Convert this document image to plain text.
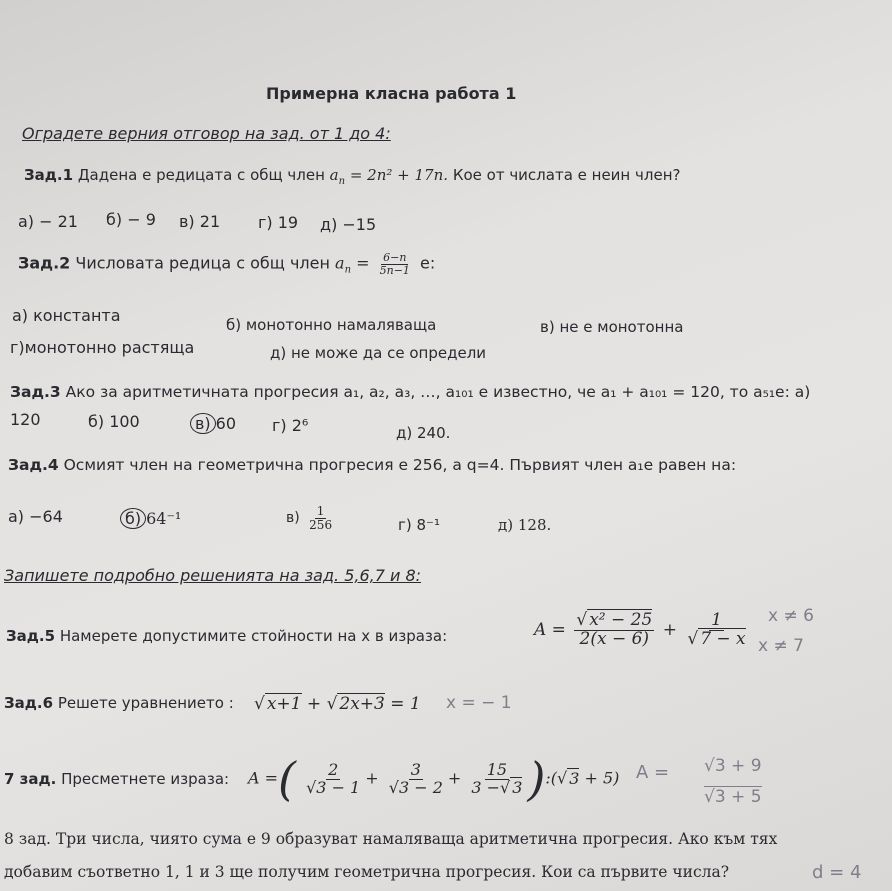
Примерна класна работа 1
Оградете верния отговор на зад. от 1 до 4:
Зад.1 Дадена е редицата с общ член $a_n = 2n^2 + 17n$. Кое от числата е неин член?
а) − 21 б) − 9 в) 21 г) 19 д) −15
Зад.2 Числовата редица с общ член $a_n = \frac{6-n}{5n-1} е$:
а) константа	б) монотонно намаляваща	в) не е монотонна
г)монотонно растяща	д) не може да се определи
Зад.3 Ако за аритметичната прогресия a₁, a₂, a₃, …, a₁₀₁ е известно, че a₁ + a₁₀₁ = 120, то a₅₁е: а)
120	б) 100	в) 60 г) 2⁶	д) 240.
Зад.4 Осмият член на геометрична прогресия е 256, а q=4. Първият член a₁е равен на:
а) −64	б) 64⁻¹	$в) \frac{1}{256}$	г) 8⁻¹	д) 128.
Запишете подробно решенията на зад. 5,6,7 и 8:
Зад.5 Намерете допустимите стойности на х в израза:	$A = \frac{\text{√ x² − 25}}{2(x - 6)} + \frac{1}{√ 7 - x}$ x ≠ 6
x ≠ 7
Зад.6 Решете уравнението : √ x+1 + √ 2x+3 = 1 x = − 1
7 зад. Пресметнете израза: A =( $\frac{2}{√3 - 1} + \frac{3}{√3 - 2} + \frac{15}{3 -√ 3}$ ):(√ 3 + 5) A = √3 + 9
√3 + 5
8 зад. Три числа, чиято сума е 9 образуват намаляваща аритметична прогресия. Ако към тях
добавим съответно 1, 1 и 3 ще получим геометрична прогресия. Кои са първите числа?	d = 4
